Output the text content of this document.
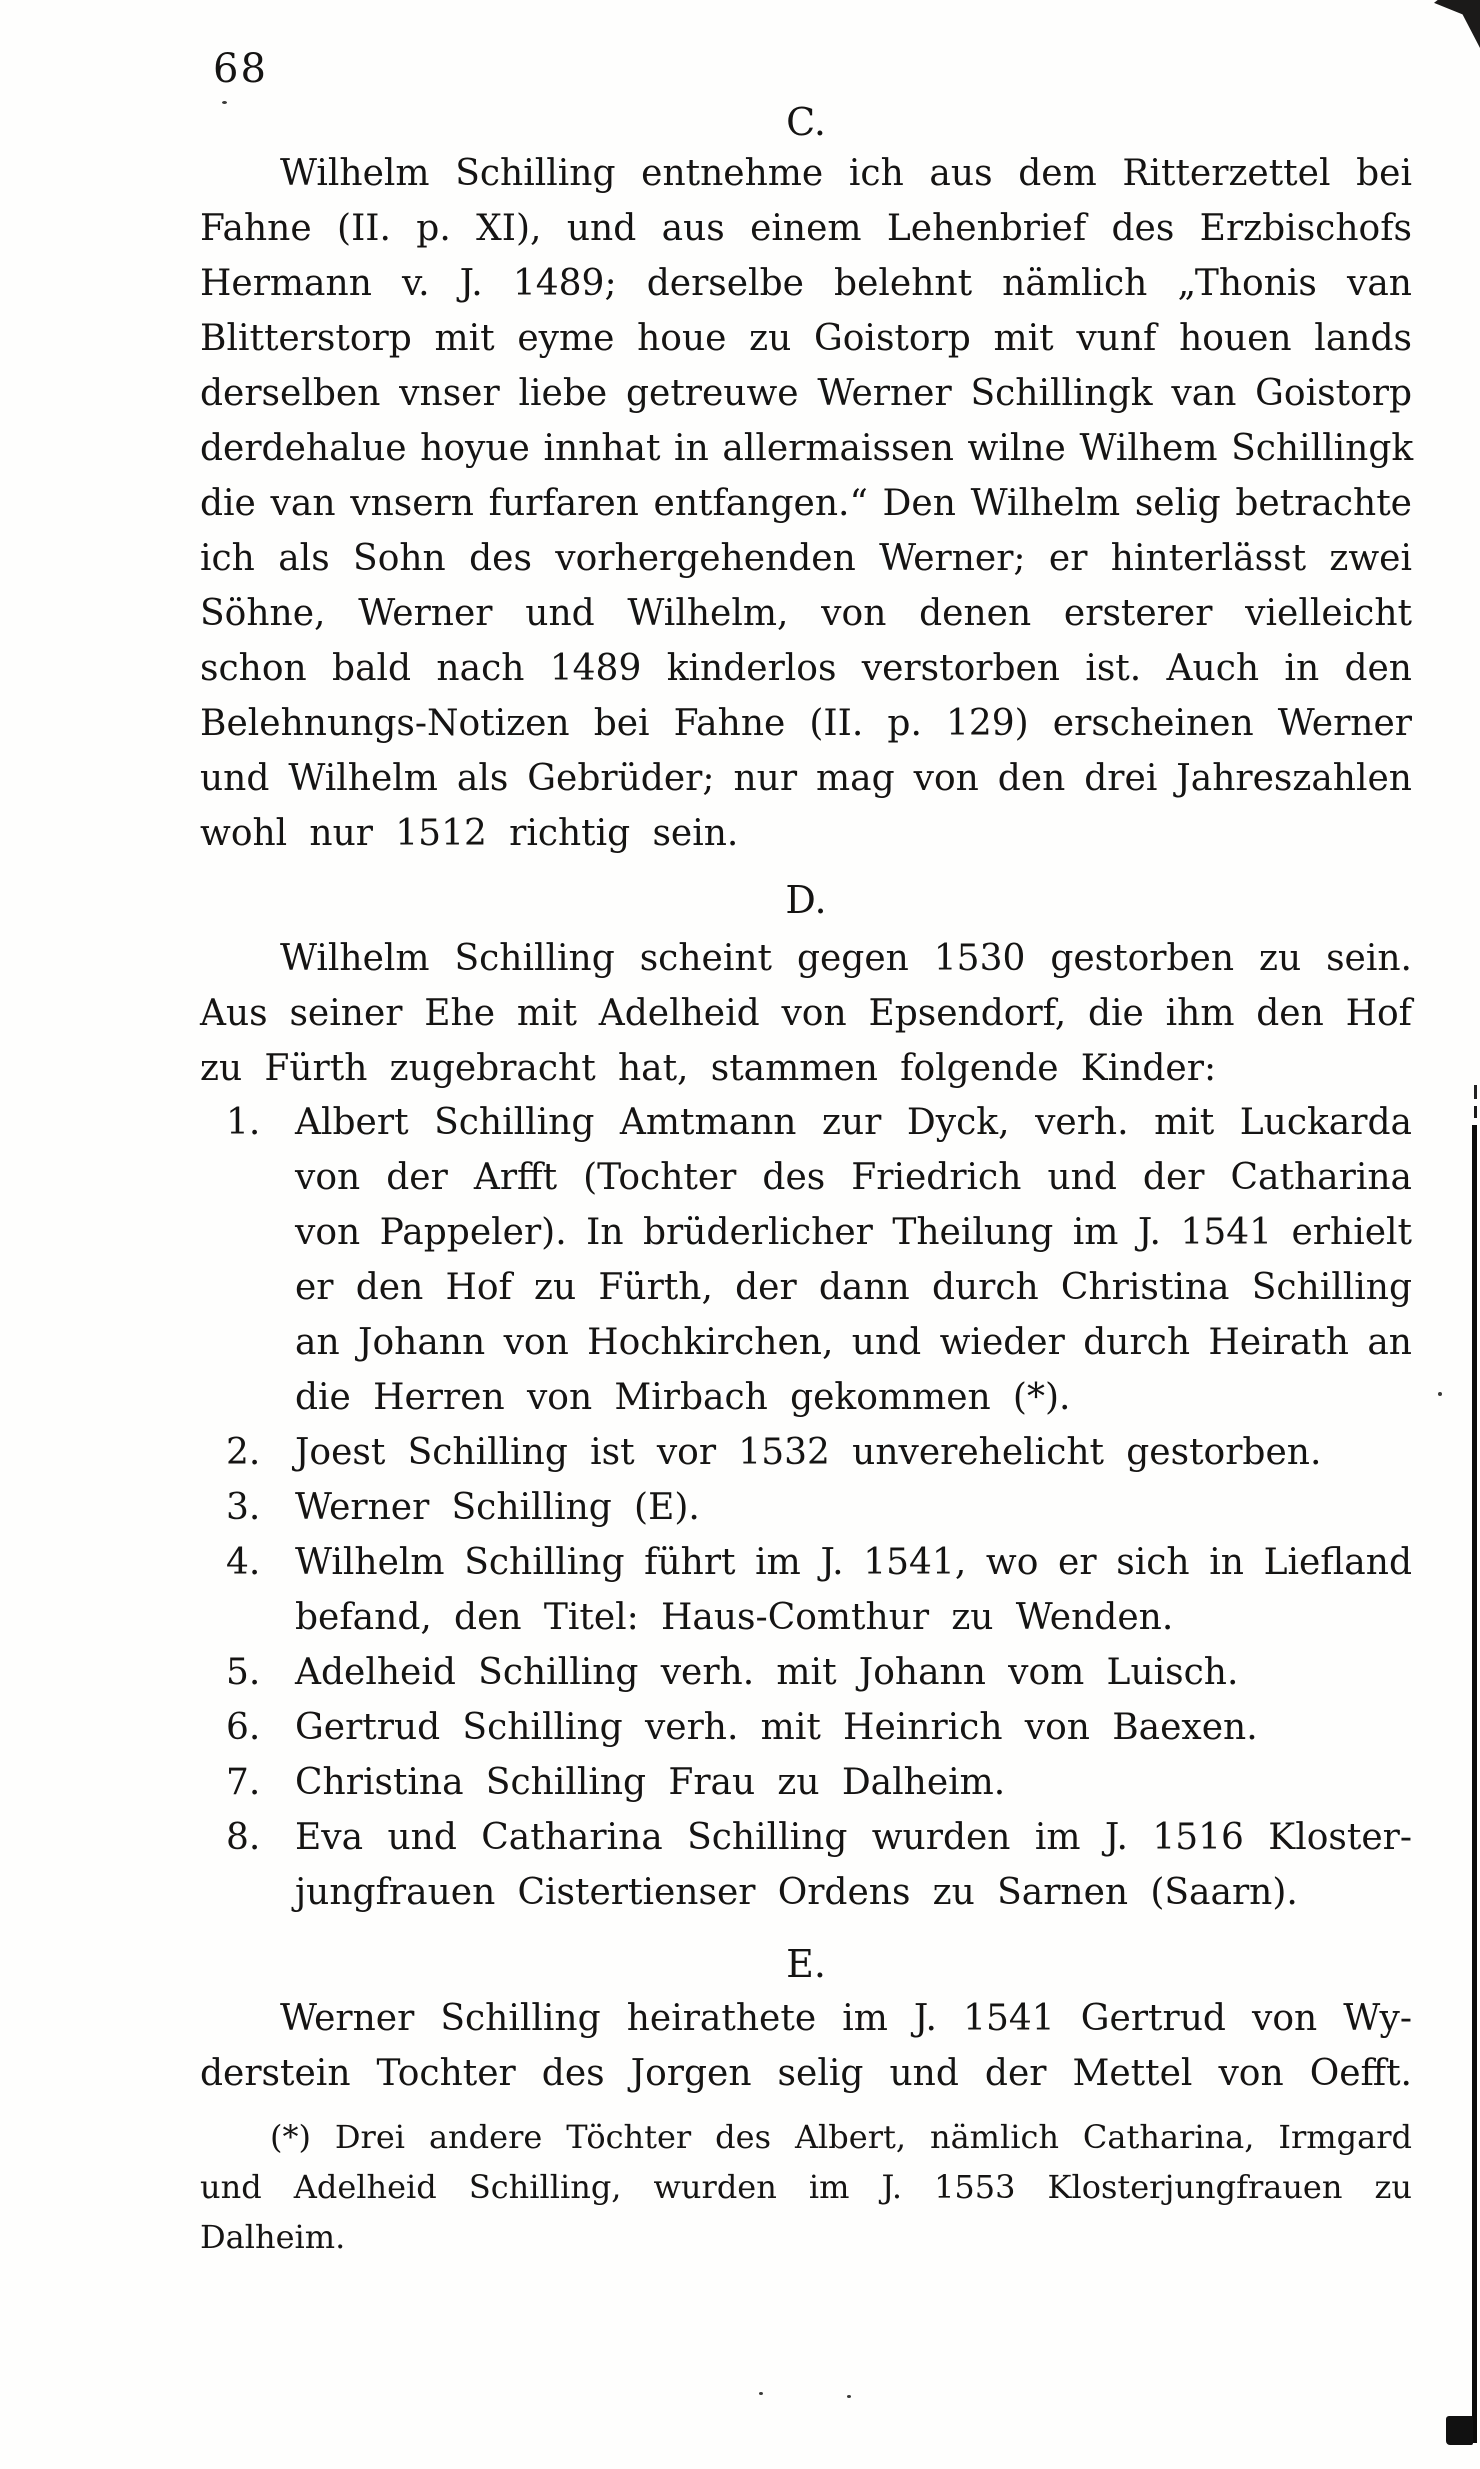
68
C.
Wilhelm Schilling entnehme ich aus dem Ritterzettel bei
Fahne (II. p. XI), und aus einem Lehenbrief des Erzbischofs
Hermann v. J. 1489; derselbe belehnt nämlich „Thonis van
Blitterstorp mit eyme houe zu Goistorp mit vunf houen lands
derselben vnser liebe getreuwe Werner Schillingk van Goistorp
derdehalue hoyue innhat in allermaissen wilne Wilhem Schillingk
die van vnsern furfaren entfangen.“ Den Wilhelm selig betrachte
ich als Sohn des vorhergehenden Werner; er hinterlässt zwei
Söhne, Werner und Wilhelm, von denen ersterer vielleicht
schon bald nach 1489 kinderlos verstorben ist. Auch in den
Belehnungs-Notizen bei Fahne (II. p. 129) erscheinen Werner
und Wilhelm als Gebrüder; nur mag von den drei Jahreszahlen
wohl nur 1512 richtig sein.
D.
Wilhelm Schilling scheint gegen 1530 gestorben zu sein.
Aus seiner Ehe mit Adelheid von Epsendorf, die ihm den Hof
zu Fürth zugebracht hat, stammen folgende Kinder:
1. Albert Schilling Amtmann zur Dyck, verh. mit Luckarda
von der Arfft (Tochter des Friedrich und der Catharina
von Pappeler). In brüderlicher Theilung im J. 1541 erhielt
er den Hof zu Fürth, der dann durch Christina Schilling
an Johann von Hochkirchen, und wieder durch Heirath an
die Herren von Mirbach gekommen (*).
2. Joest Schilling ist vor 1532 unverehelicht gestorben.
3. Werner Schilling (E).
4. Wilhelm Schilling führt im J. 1541, wo er sich in Liefland
befand, den Titel: Haus-Comthur zu Wenden.
5. Adelheid Schilling verh. mit Johann vom Luisch.
6. Gertrud Schilling verh. mit Heinrich von Baexen.
7. Christina Schilling Frau zu Dalheim.
8. Eva und Catharina Schilling wurden im J. 1516 Kloster-
jungfrauen Cistertienser Ordens zu Sarnen (Saarn).
E.
Werner Schilling heirathete im J. 1541 Gertrud von Wy-
derstein Tochter des Jorgen selig und der Mettel von Oefft.
(*) Drei andere Töchter des Albert, nämlich Catharina, Irmgard
und Adelheid Schilling, wurden im J. 1553 Klosterjungfrauen zu
Dalheim.
